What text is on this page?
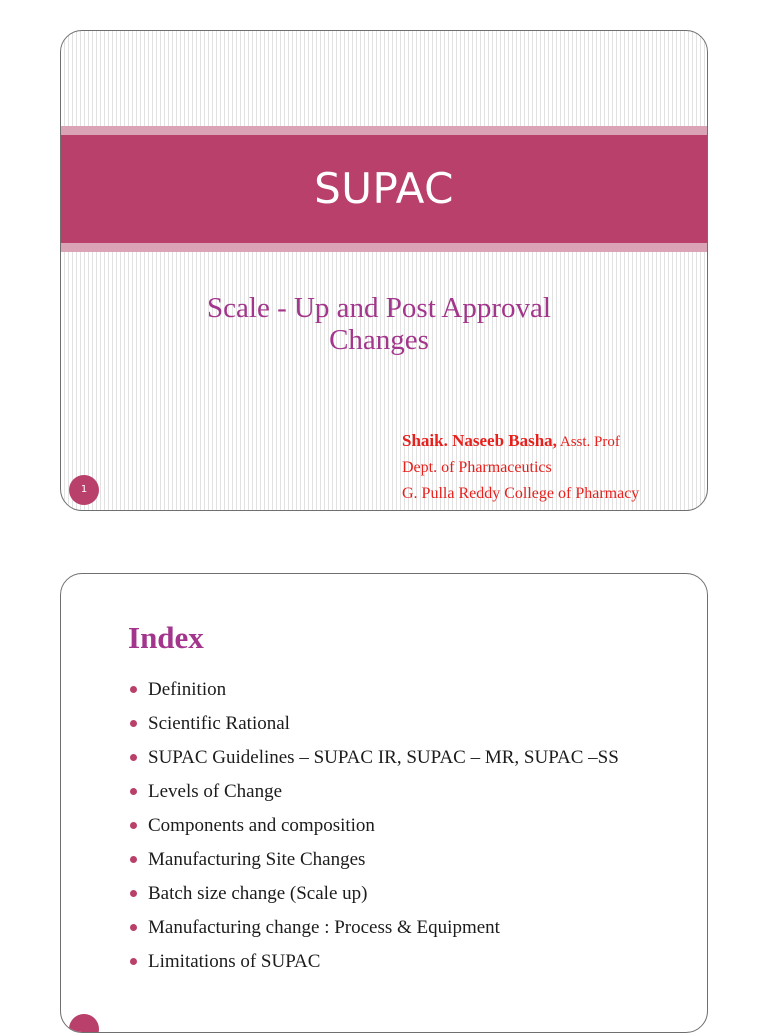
SUPAC
Scale - Up and Post Approval
Changes
Shaik. Naseeb Basha, Asst. Prof
Dept. of Pharmaceutics
G. Pulla Reddy College of Pharmacy
1
Index
Definition
Scientific Rational
SUPAC Guidelines – SUPAC IR, SUPAC – MR, SUPAC –SS
Levels of Change
Components and composition
Manufacturing Site Changes
Batch size change (Scale up)
Manufacturing change : Process & Equipment
Limitations of SUPAC
